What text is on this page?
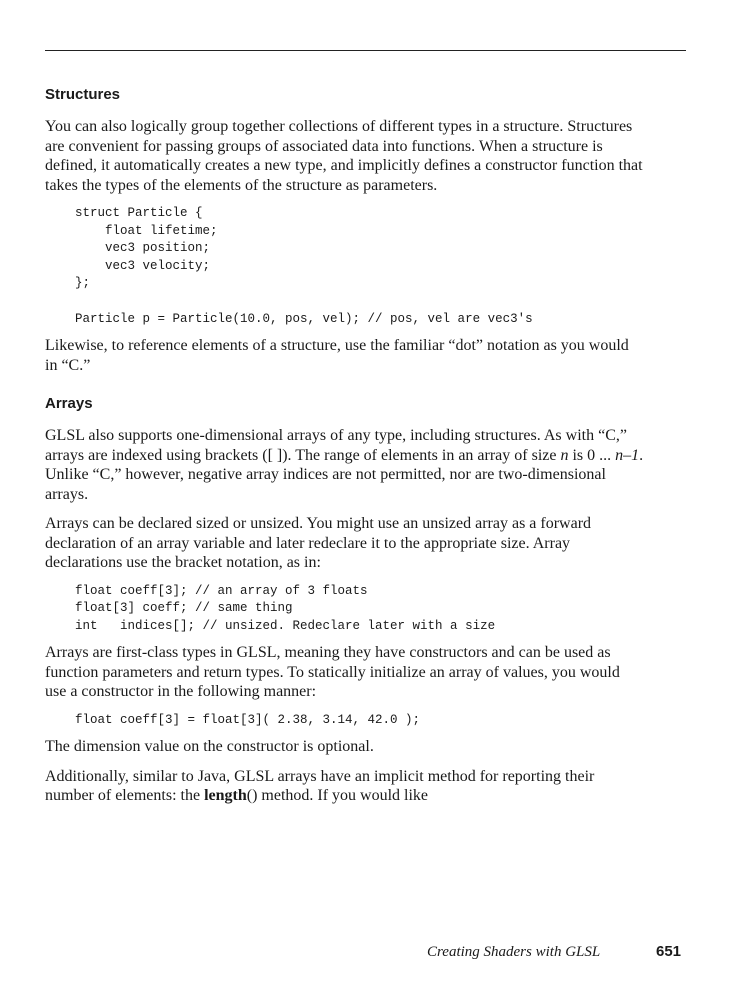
Structures

You can also logically group together collections of different types in a structure. Structures are convenient for passing groups of associated data into functions. When a structure is defined, it automatically creates a new type, and implicitly defines a constructor function that takes the types of the elements of the structure as parameters.

struct Particle {
float lifetime;
vec3 position;
vec3 velocity;
};
Particle p = Particle(10.0, pos, vel); // pos, vel are vec3's

Likewise, to reference elements of a structure, use the familiar “dot” notation as you would in “C.”

Arrays

GLSL also supports one-dimensional arrays of any type, including structures. As with “C,” arrays are indexed using brackets ([ ]). The range of elements in an array of size n is 0 ... n–1. Unlike “C,” however, negative array indices are not permitted, nor are two-dimensional arrays.

Arrays can be declared sized or unsized. You might use an unsized array as a forward declaration of an array variable and later redeclare it to the appropriate size. Array declarations use the bracket notation, as in:

float coeff[3]; // an array of 3 floats
float[3] coeff; // same thing
int   indices[]; // unsized. Redeclare later with a size

Arrays are first-class types in GLSL, meaning they have constructors and can be used as function parameters and return types. To statically initialize an array of values, you would use a constructor in the following manner:

float coeff[3] = float[3]( 2.38, 3.14, 42.0 );

The dimension value on the constructor is optional.

Additionally, similar to Java, GLSL arrays have an implicit method for reporting their number of elements: the length() method. If you would like

Creating Shaders with GLSL	651
